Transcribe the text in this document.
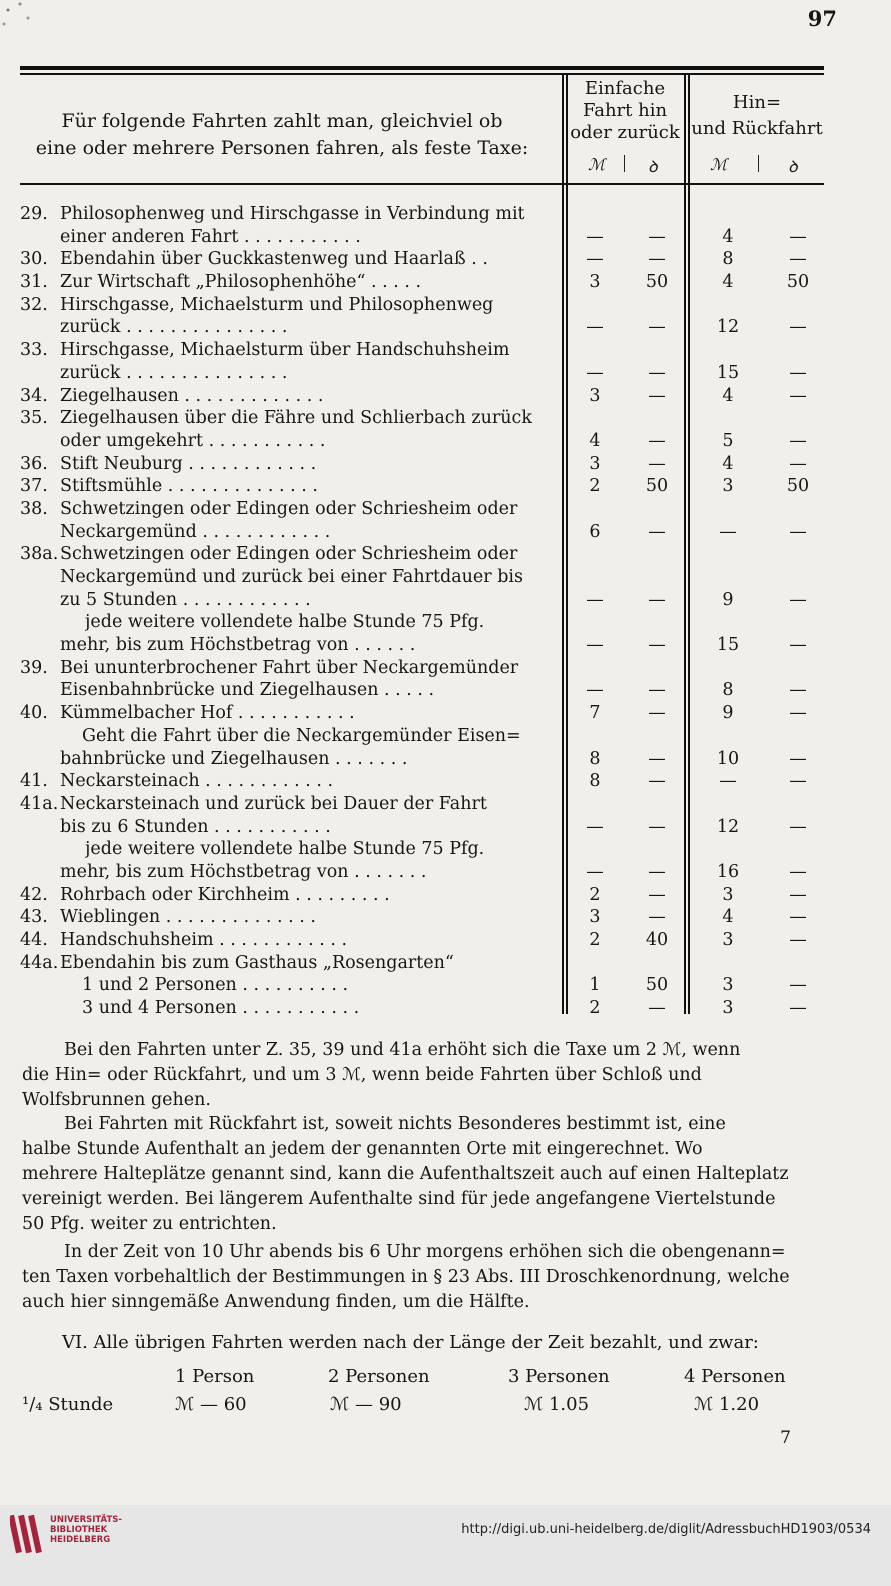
97
Für folgende Fahrten zahlt man, gleichviel ob
eine oder mehrere Personen fahren, als feste Taxe:
Einfache
Fahrt hin
oder zurück
Hin=
und Rückfahrt
ℳ	ꝺ	ℳ	ꝺ
29. Philosophenweg und Hirschgasse in Verbindung mit
einer anderen Fahrt . . . . . . . . . . .	—	—	4	—
30. Ebendahin über Guckkastenweg und Haarlaß . .	—	—	8	—
31. Zur Wirtschaft „Philosophenhöhe“ . . . . .	3	50	4	50
32. Hirschgasse, Michaelsturm und Philosophenweg
zurück . . . . . . . . . . . . . . .	—	—	12	—
33. Hirschgasse, Michaelsturm über Handschuhsheim
zurück . . . . . . . . . . . . . . .	—	—	15	—
34. Ziegelhausen . . . . . . . . . . . . .	3	—	4	—
35. Ziegelhausen über die Fähre und Schlierbach zurück
oder umgekehrt . . . . . . . . . . .	4	—	5	—
36. Stift Neuburg . . . . . . . . . . . .	3	—	4	—
37. Stiftsmühle . . . . . . . . . . . . . .	2	50	3	50
38. Schwetzingen oder Edingen oder Schriesheim oder
Neckargemünd . . . . . . . . . . . .	6	—	—	—
38a. Schwetzingen oder Edingen oder Schriesheim oder
Neckargemünd und zurück bei einer Fahrtdauer bis
zu 5 Stunden . . . . . . . . . . . .	—	—	9	—
jede weitere vollendete halbe Stunde 75 Pfg.
mehr, bis zum Höchstbetrag von . . . . . .	—	—	15	—
39. Bei ununterbrochener Fahrt über Neckargemünder
Eisenbahnbrücke und Ziegelhausen . . . . .	—	—	8	—
40. Kümmelbacher Hof . . . . . . . . . . .	7	—	9	—
Geht die Fahrt über die Neckargemünder Eisen=
bahnbrücke und Ziegelhausen . . . . . . .	8	—	10	—
41. Neckarsteinach . . . . . . . . . . . .	8	—	—	—
41a. Neckarsteinach und zurück bei Dauer der Fahrt
bis zu 6 Stunden . . . . . . . . . . .	—	—	12	—
jede weitere vollendete halbe Stunde 75 Pfg.
mehr, bis zum Höchstbetrag von . . . . . . .	—	—	16	—
42. Rohrbach oder Kirchheim . . . . . . . . .	2	—	3	—
43. Wieblingen . . . . . . . . . . . . . .	3	—	4	—
44. Handschuhsheim . . . . . . . . . . . .	2	40	3	—
44a. Ebendahin bis zum Gasthaus „Rosengarten“
1 und 2 Personen . . . . . . . . . .	1	50	3	—
3 und 4 Personen . . . . . . . . . . .	2	—	3	—
Bei den Fahrten unter Z. 35, 39 und 41a erhöht sich die Taxe um 2 ℳ, wenn
die Hin= oder Rückfahrt, und um 3 ℳ, wenn beide Fahrten über Schloß und
Wolfsbrunnen gehen.
Bei Fahrten mit Rückfahrt ist, soweit nichts Besonderes bestimmt ist, eine
halbe Stunde Aufenthalt an jedem der genannten Orte mit eingerechnet. Wo
mehrere Halteplätze genannt sind, kann die Aufenthaltszeit auch auf einen Halteplatz
vereinigt werden. Bei längerem Aufenthalte sind für jede angefangene Viertelstunde
50 Pfg. weiter zu entrichten.
In der Zeit von 10 Uhr abends bis 6 Uhr morgens erhöhen sich die obengenann=
ten Taxen vorbehaltlich der Bestimmungen in § 23 Abs. III Droschkenordnung, welche
auch hier sinngemäße Anwendung finden, um die Hälfte.
VI. Alle übrigen Fahrten werden nach der Länge der Zeit bezahlt, und zwar:
1 Person	2 Personen	3 Personen	4 Personen
¹/₄ Stunde	ℳ — 60	ℳ — 90	ℳ 1.05	ℳ 1.20
7
UNIVERSITÄTS-
BIBLIOTHEK
HEIDELBERG
http://digi.ub.uni-heidelberg.de/diglit/AdressbuchHD1903/0534
